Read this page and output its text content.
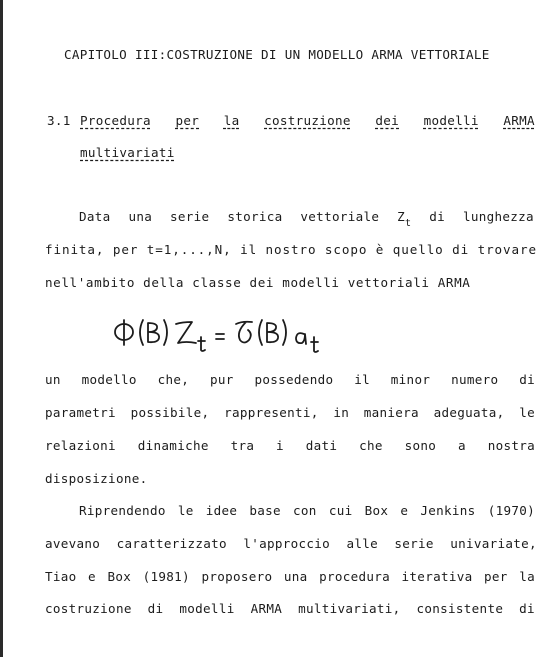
CAPITOLO III:COSTRUZIONE DI UN MODELLO ARMA VETTORIALE
3.1 Procedura per la costruzione dei modelli ARMA
multivariati
Data una serie storica vettoriale $Z_t$ di lunghezza
finita, per t=1,...,N, il nostro scopo è quello di trovare
nell'ambito della classe dei modelli vettoriali ARMA
un modello che, pur possedendo il minor numero di
parametri possibile, rappresenti, in maniera adeguata, le
relazioni dinamiche tra i dati che sono a nostra
disposizione.
Riprendendo le idee base con cui Box e Jenkins (1970)
avevano caratterizzato l'approccio alle serie univariate,
Tiao e Box (1981) proposero una procedura iterativa per la
costruzione di modelli ARMA multivariati, consistente di
